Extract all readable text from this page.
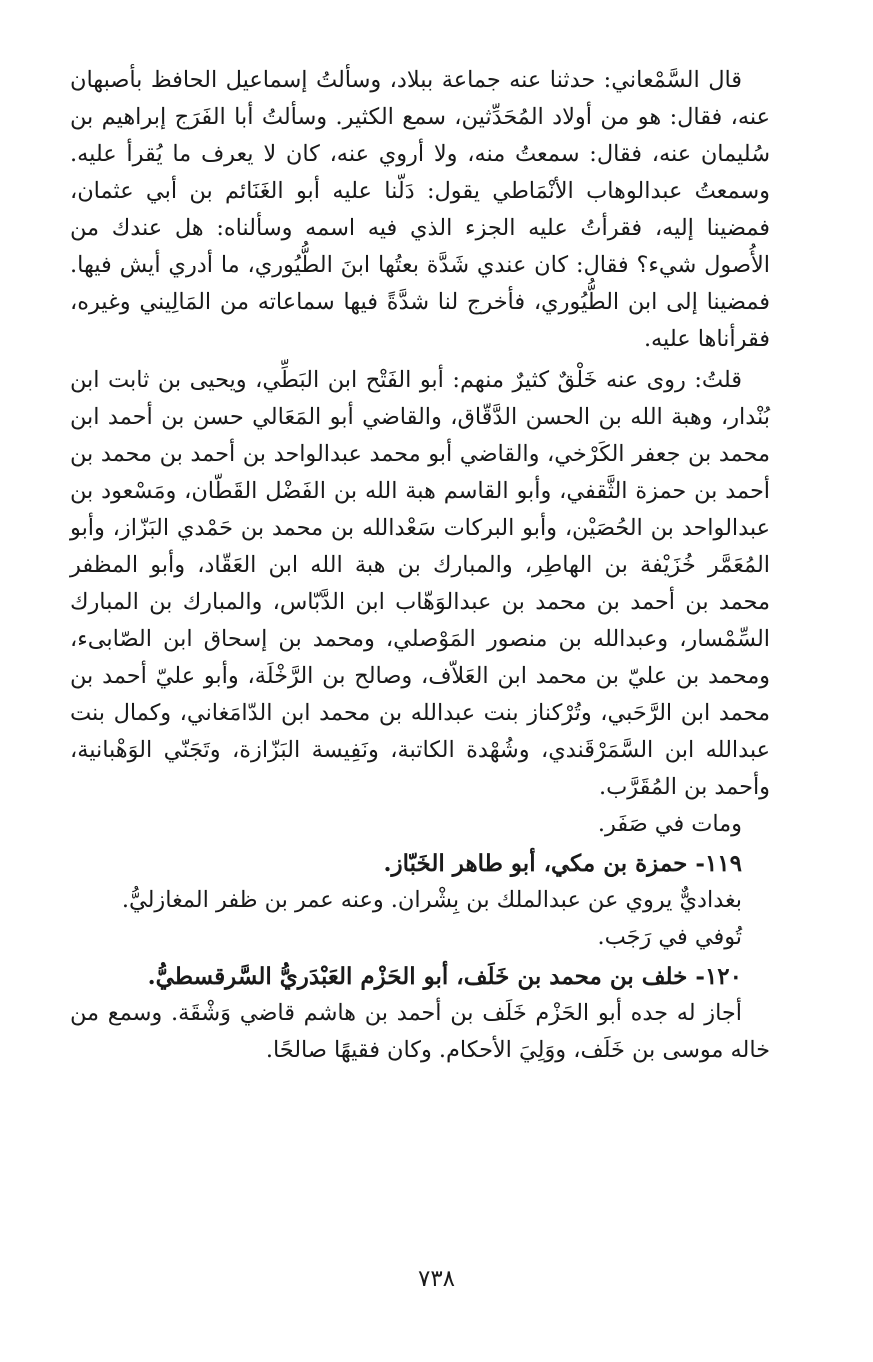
قال السَّمْعاني: حدثنا عنه جماعة ببلاد، وسألتُ إسماعيل الحافظ بأصبهان عنه، فقال: هو من أولاد المُحَدِّثين، سمع الكثير. وسألتُ أبا الفَرَج إبراهيم بن سُليمان عنه، فقال: سمعتُ منه، ولا أروي عنه، كان لا يعرف ما يُقرأ عليه. وسمعتُ عبدالوهاب الأنْمَاطي يقول: دَلّنا عليه أبو الغَنَائم بن أبي عثمان، فمضينا إليه، فقرأتُ عليه الجزء الذي فيه اسمه وسألناه: هل عندك من الأُصول شيء؟ فقال: كان عندي شَدَّة بعتُها ابنَ الطُّيُوري، ما أدري أيش فيها. فمضينا إلى ابن الطُّيُوري، فأخرج لنا شدَّةً فيها سماعاته من المَالِيني وغيره، فقرأناها عليه.

قلتُ: روى عنه خَلْقٌ كثيرٌ منهم: أبو الفَتْح ابن البَطِّي، ويحيى بن ثابت ابن بُنْدار، وهبة الله بن الحسن الدَّقّاق، والقاضي أبو المَعَالي حسن بن أحمد ابن محمد بن جعفر الكَرْخي، والقاضي أبو محمد عبدالواحد بن أحمد بن محمد بن أحمد بن حمزة الثَّقفي، وأبو القاسم هبة الله بن الفَضْل القَطّان، ومَسْعود بن عبدالواحد بن الحُصَيْن، وأبو البركات سَعْدالله بن محمد بن حَمْدي البَزّاز، وأبو المُعَمَّر خُزَيْفة بن الهاطِر، والمبارك بن هبة الله ابن العَقّاد، وأبو المظفر محمد بن أحمد بن محمد بن عبدالوَهّاب ابن الدَّبّاس، والمبارك بن المبارك السِّمْسار، وعبدالله بن منصور المَوْصلي، ومحمد بن إسحاق ابن الصّابىء، ومحمد بن عليّ بن محمد ابن العَلاّف، وصالح بن الرَّخْلَة، وأبو عليّ أحمد بن محمد ابن الرَّحَبي، وتُرْكناز بنت عبدالله بن محمد ابن الدّامَغاني، وكمال بنت عبدالله ابن السَّمَرْقَندي، وشُهْدة الكاتبة، ونَفِيسة البَزّازة، وتَجَنّي الوَهْبانية، وأحمد بن المُقَرَّب.

ومات في صَفَر.

١١٩- حمزة بن مكي، أبو طاهر الخَبّاز.

بغداديٌّ يروي عن عبدالملك بن بِشْران. وعنه عمر بن ظفر المغازليُّ.

تُوفي في رَجَب.

١٢٠- خلف بن محمد بن خَلَف، أبو الحَزْم العَبْدَريُّ السَّرقسطيُّ.

أجاز له جده أبو الحَزْم خَلَف بن أحمد بن هاشم قاضي وَشْقَة. وسمع من خاله موسى بن خَلَف، ووَلِيَ الأحكام. وكان فقيهًا صالحًا.

٧٣٨
